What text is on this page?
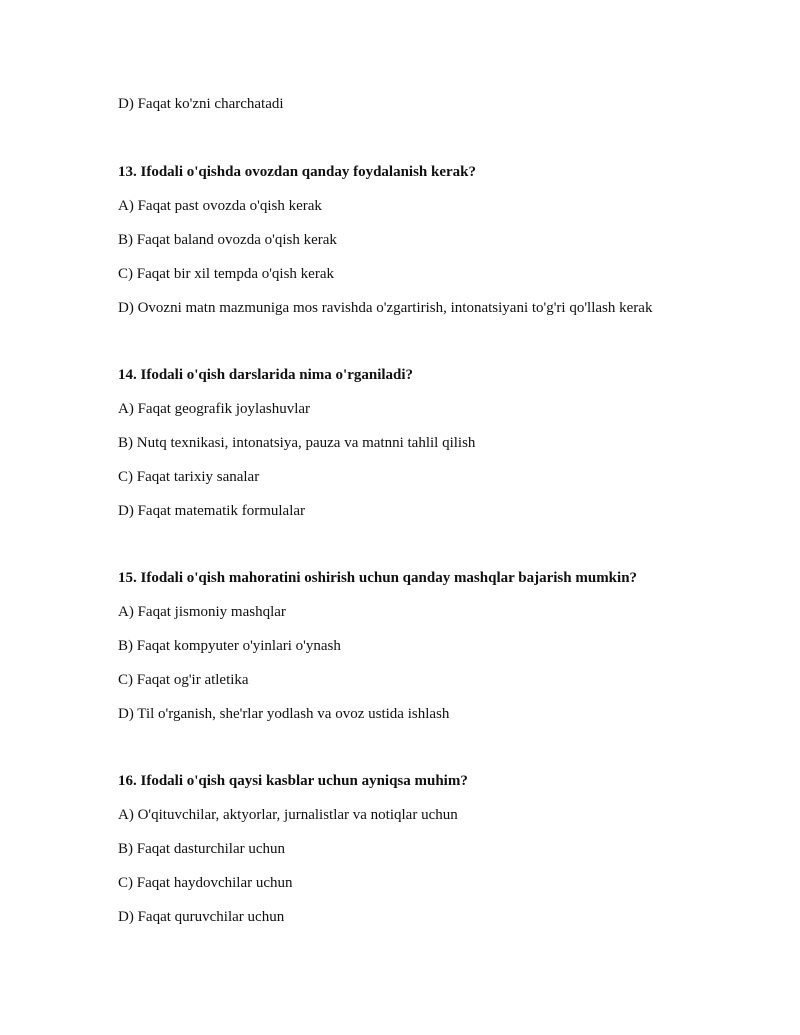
D) Faqat ko'zni charchatadi
13. Ifodali o'qishda ovozdan qanday foydalanish kerak?
A) Faqat past ovozda o'qish kerak
B) Faqat baland ovozda o'qish kerak
C) Faqat bir xil tempda o'qish kerak
D) Ovozni matn mazmuniga mos ravishda o'zgartirish, intonatsiyani to'g'ri qo'llash kerak
14. Ifodali o'qish darslarida nima o'rganiladi?
A) Faqat geografik joylashuvlar
B) Nutq texnikasi, intonatsiya, pauza va matnni tahlil qilish
C) Faqat tarixiy sanalar
D) Faqat matematik formulalar
15. Ifodali o'qish mahoratini oshirish uchun qanday mashqlar bajarish mumkin?
A) Faqat jismoniy mashqlar
B) Faqat kompyuter o'yinlari o'ynash
C) Faqat og'ir atletika
D) Til o'rganish, she'rlar yodlash va ovoz ustida ishlash
16. Ifodali o'qish qaysi kasblar uchun ayniqsa muhim?
A) O'qituvchilar, aktyorlar, jurnalistlar va notiqlar uchun
B) Faqat dasturchilar uchun
C) Faqat haydovchilar uchun
D) Faqat quruvchilar uchun
